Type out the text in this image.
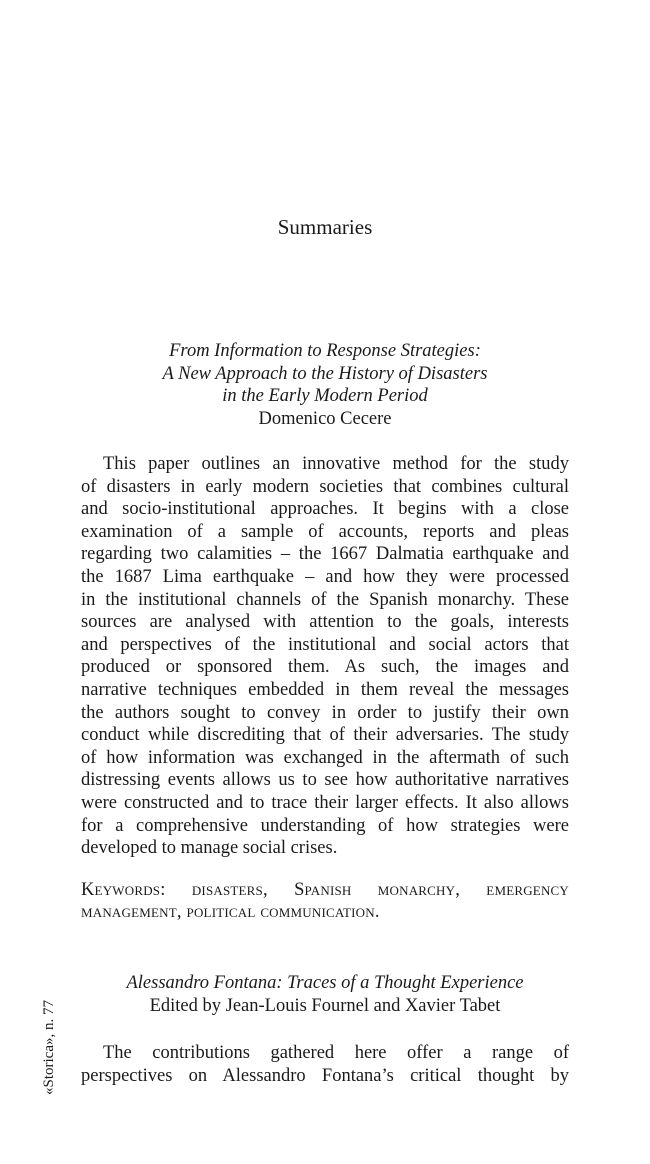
Summaries
From Information to Response Strategies:
A New Approach to the History of Disasters
in the Early Modern Period
Domenico Cecere
This paper outlines an innovative method for the study
of disasters in early modern societies that combines cultural
and socio-institutional approaches. It begins with a close
examination of a sample of accounts, reports and pleas
regarding two calamities – the 1667 Dalmatia earthquake and
the 1687 Lima earthquake – and how they were processed
in the institutional channels of the Spanish monarchy. These
sources are analysed with attention to the goals, interests
and perspectives of the institutional and social actors that
produced or sponsored them. As such, the images and
narrative techniques embedded in them reveal the messages
the authors sought to convey in order to justify their own
conduct while discrediting that of their adversaries. The study
of how information was exchanged in the aftermath of such
distressing events allows us to see how authoritative narratives
were constructed and to trace their larger effects. It also allows
for a comprehensive understanding of how strategies were
developed to manage social crises.
Keywords: disasters, Spanish monarchy, emergency
management, political communication.
Alessandro Fontana: Traces of a Thought Experience
Edited by Jean-Louis Fournel and Xavier Tabet
The contributions gathered here offer a range of
perspectives on Alessandro Fontana’s critical thought by
«Storica», n. 77
